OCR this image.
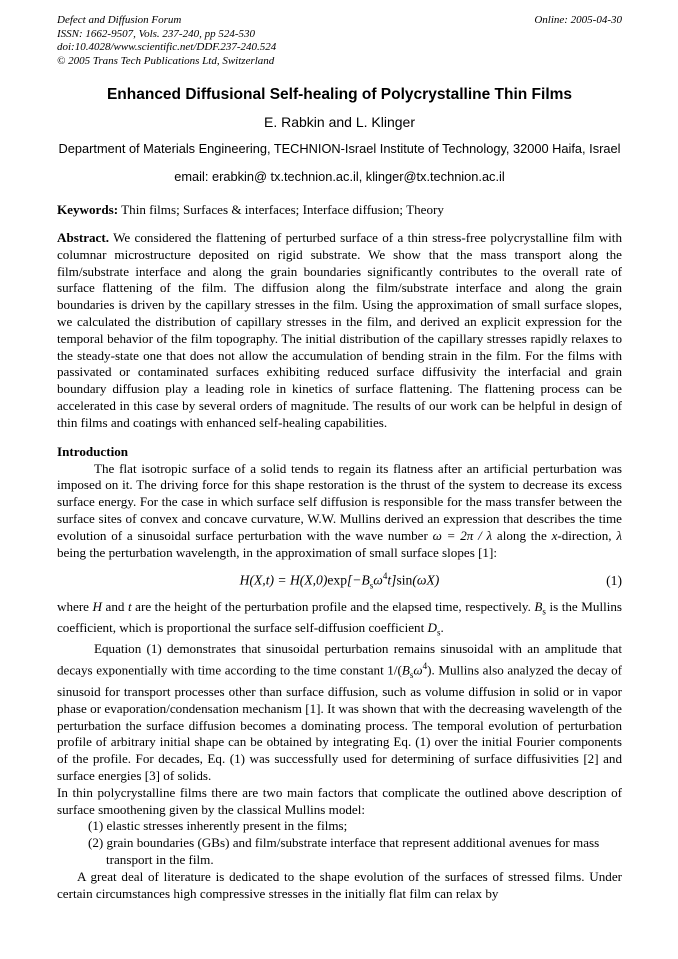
Defect and Diffusion Forum
ISSN: 1662-9507, Vols. 237-240, pp 524-530
doi:10.4028/www.scientific.net/DDF.237-240.524
© 2005 Trans Tech Publications Ltd, Switzerland
Online: 2005-04-30
Enhanced Diffusional Self-healing of Polycrystalline Thin Films
E. Rabkin and L. Klinger
Department of Materials Engineering, TECHNION-Israel Institute of Technology, 32000 Haifa, Israel
email: erabkin@ tx.technion.ac.il, klinger@tx.technion.ac.il

Keywords: Thin films; Surfaces & interfaces; Interface diffusion; Theory

Abstract. We considered the flattening of perturbed surface of a thin stress-free polycrystalline film with columnar microstructure deposited on rigid substrate. We show that the mass transport along the film/substrate interface and along the grain boundaries significantly contributes to the overall rate of surface flattening of the film. The diffusion along the film/substrate interface and along the grain boundaries is driven by the capillary stresses in the film. Using the approximation of small surface slopes, we calculated the distribution of capillary stresses in the film, and derived an explicit expression for the temporal behavior of the film topography. The initial distribution of the capillary stresses rapidly relaxes to the steady-state one that does not allow the accumulation of bending strain in the film. For the films with passivated or contaminated surfaces exhibiting reduced surface diffusivity the interfacial and grain boundary diffusion play a leading role in kinetics of surface flattening. The flattening process can be accelerated in this case by several orders of magnitude. The results of our work can be helpful in design of thin films and coatings with enhanced self-healing capabilities.

Introduction

The flat isotropic surface of a solid tends to regain its flatness after an artificial perturbation was imposed on it. The driving force for this shape restoration is the thrust of the system to decrease its excess surface energy. For the case in which surface self diffusion is responsible for the mass transfer between the surface sites of convex and concave curvature, W.W. Mullins derived an expression that describes the time evolution of a sinusoidal surface perturbation with the wave number ω = 2π / λ along the x-direction, λ being the perturbation wavelength, in the approximation of small surface slopes [1]:

$H(X,t) = H(X,0)\exp[-B_s\omega^4t]\sin(\omega X)$	(1)

where H and t are the height of the perturbation profile and the elapsed time, respectively. $B_s$ is the Mullins coefficient, which is proportional the surface self-diffusion coefficient $D_s$.

Equation (1) demonstrates that sinusoidal perturbation remains sinusoidal with an amplitude that decays exponentially with time according to the time constant $1/(B_s\omega^4)$. Mullins also analyzed the decay of sinusoid for transport processes other than surface diffusion, such as volume diffusion in solid or in vapor phase or evaporation/condensation mechanism [1]. It was shown that with the decreasing wavelength of the perturbation the surface diffusion becomes a dominating process. The temporal evolution of perturbation profile of arbitrary initial shape can be obtained by integrating Eq. (1) over the initial Fourier components of the profile. For decades, Eq. (1) was successfully used for determining of surface diffusivities [2] and surface energies [3] of solids.

In thin polycrystalline films there are two main factors that complicate the outlined above description of surface smoothening given by the classical Mullins model:

(1) elastic stresses inherently present in the films;
(2) grain boundaries (GBs) and film/substrate interface that represent additional avenues for mass transport in the film.

A great deal of literature is dedicated to the shape evolution of the surfaces of stressed films. Under certain circumstances high compressive stresses in the initially flat film can relax by
